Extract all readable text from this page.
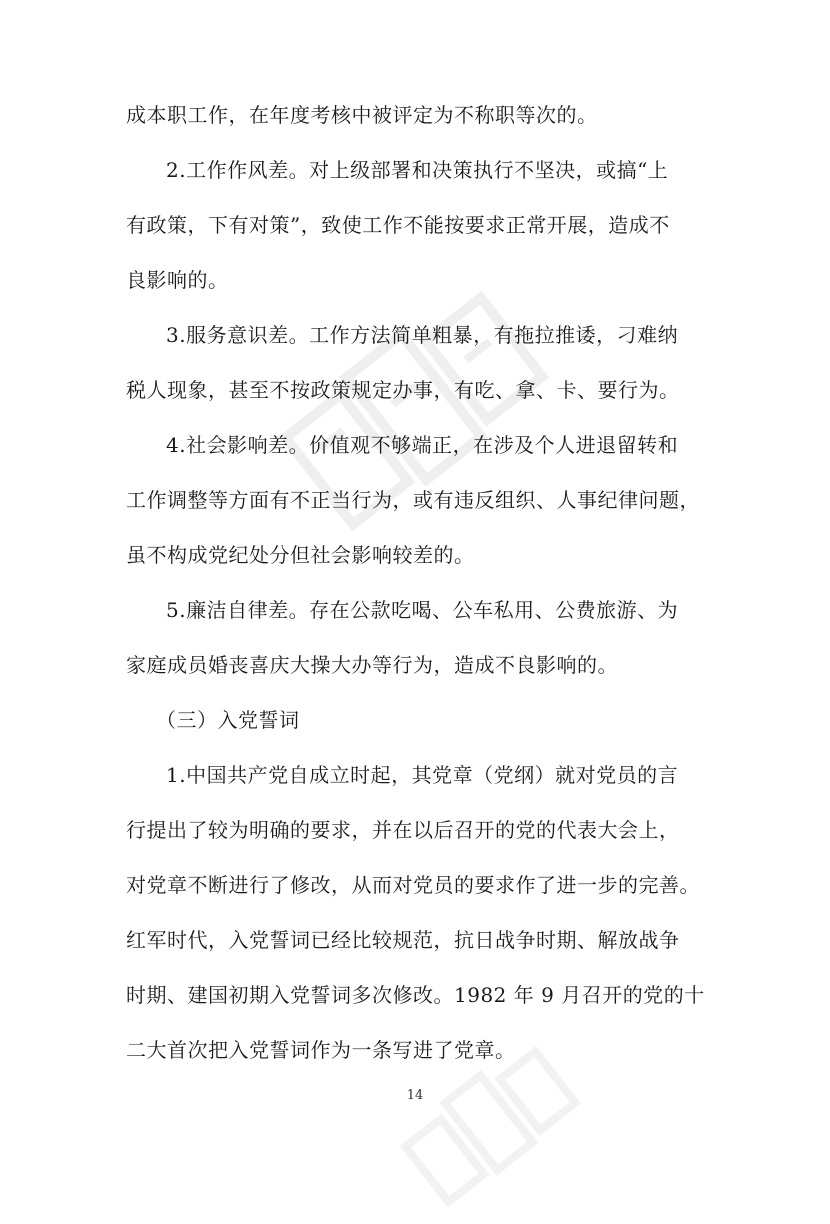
成本职工作，在年度考核中被评定为不称职等次的。
2.工作作风差。对上级部署和决策执行不坚决，或搞“上
有政策，下有对策”，致使工作不能按要求正常开展，造成不
良影响的。
3.服务意识差。工作方法简单粗暴，有拖拉推诿，刁难纳
税人现象，甚至不按政策规定办事，有吃、拿、卡、要行为。
4.社会影响差。价值观不够端正，在涉及个人进退留转和
工作调整等方面有不正当行为，或有违反组织、人事纪律问题，
虽不构成党纪处分但社会影响较差的。
5.廉洁自律差。存在公款吃喝、公车私用、公费旅游、为
家庭成员婚丧喜庆大操大办等行为，造成不良影响的。
（三）入党誓词
1.中国共产党自成立时起，其党章（党纲）就对党员的言
行提出了较为明确的要求，并在以后召开的党的代表大会上，
对党章不断进行了修改，从而对党员的要求作了进一步的完善。
红军时代，入党誓词已经比较规范，抗日战争时期、解放战争
时期、建国初期入党誓词多次修改。1982 年 9 月召开的党的十
二大首次把入党誓词作为一条写进了党章。
14
